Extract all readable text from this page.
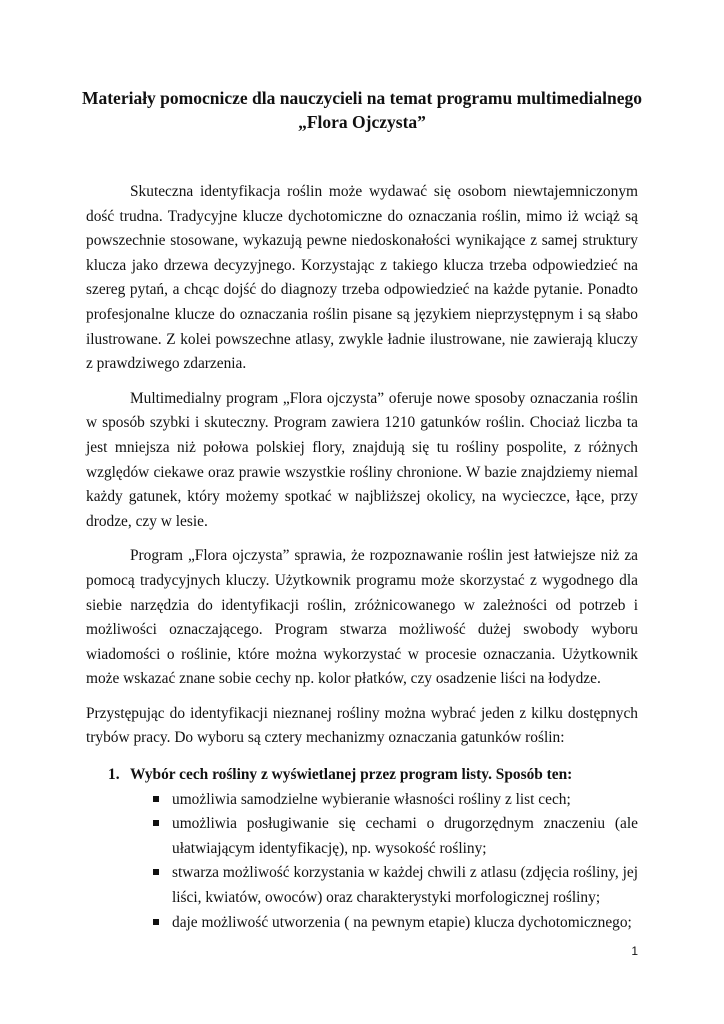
Materiały pomocnicze dla nauczycieli na temat programu multimedialnego
„Flora Ojczysta”

Skuteczna identyfikacja roślin może wydawać się osobom niewtajemniczonym dość trudna. Tradycyjne klucze dychotomiczne do oznaczania roślin, mimo iż wciąż są powszechnie stosowane, wykazują pewne niedoskonałości wynikające z samej struktury klucza jako drzewa decyzyjnego. Korzystając z takiego klucza trzeba odpowiedzieć na szereg pytań, a chcąc dojść do diagnozy trzeba odpowiedzieć na każde pytanie. Ponadto profesjonalne klucze do oznaczania roślin pisane są językiem nieprzystępnym i są słabo ilustrowane. Z kolei powszechne atlasy, zwykle ładnie ilustrowane, nie zawierają kluczy z prawdziwego zdarzenia.

Multimedialny program „Flora ojczysta” oferuje nowe sposoby oznaczania roślin w sposób szybki i skuteczny. Program zawiera 1210 gatunków roślin. Chociaż liczba ta jest mniejsza niż połowa polskiej flory, znajdują się tu rośliny pospolite, z różnych względów ciekawe oraz prawie wszystkie rośliny chronione. W bazie znajdziemy niemal każdy gatunek, który możemy spotkać w najbliższej okolicy, na wycieczce, łące, przy drodze, czy w lesie.

Program „Flora ojczysta” sprawia, że rozpoznawanie roślin jest łatwiejsze niż za pomocą tradycyjnych kluczy. Użytkownik programu może skorzystać z wygodnego dla siebie narzędzia do identyfikacji roślin, zróżnicowanego w zależności od potrzeb i możliwości oznaczającego. Program stwarza możliwość dużej swobody wyboru wiadomości o roślinie, które można wykorzystać w procesie oznaczania. Użytkownik może wskazać znane sobie cechy np. kolor płatków, czy osadzenie liści na łodydze.

Przystępując do identyfikacji nieznanej rośliny można wybrać jeden z kilku dostępnych trybów pracy. Do wyboru są cztery mechanizmy oznaczania gatunków roślin:

1. Wybór cech rośliny z wyświetlanej przez program listy. Sposób ten:
umożliwia samodzielne wybieranie własności rośliny z list cech;
umożliwia posługiwanie się cechami o drugorzędnym znaczeniu (ale ułatwiającym identyfikację), np. wysokość rośliny;
stwarza możliwość korzystania w każdej chwili z atlasu (zdjęcia rośliny, jej liści, kwiatów, owoców) oraz charakterystyki morfologicznej rośliny;
daje możliwość utworzenia ( na pewnym etapie) klucza dychotomicznego;
1
